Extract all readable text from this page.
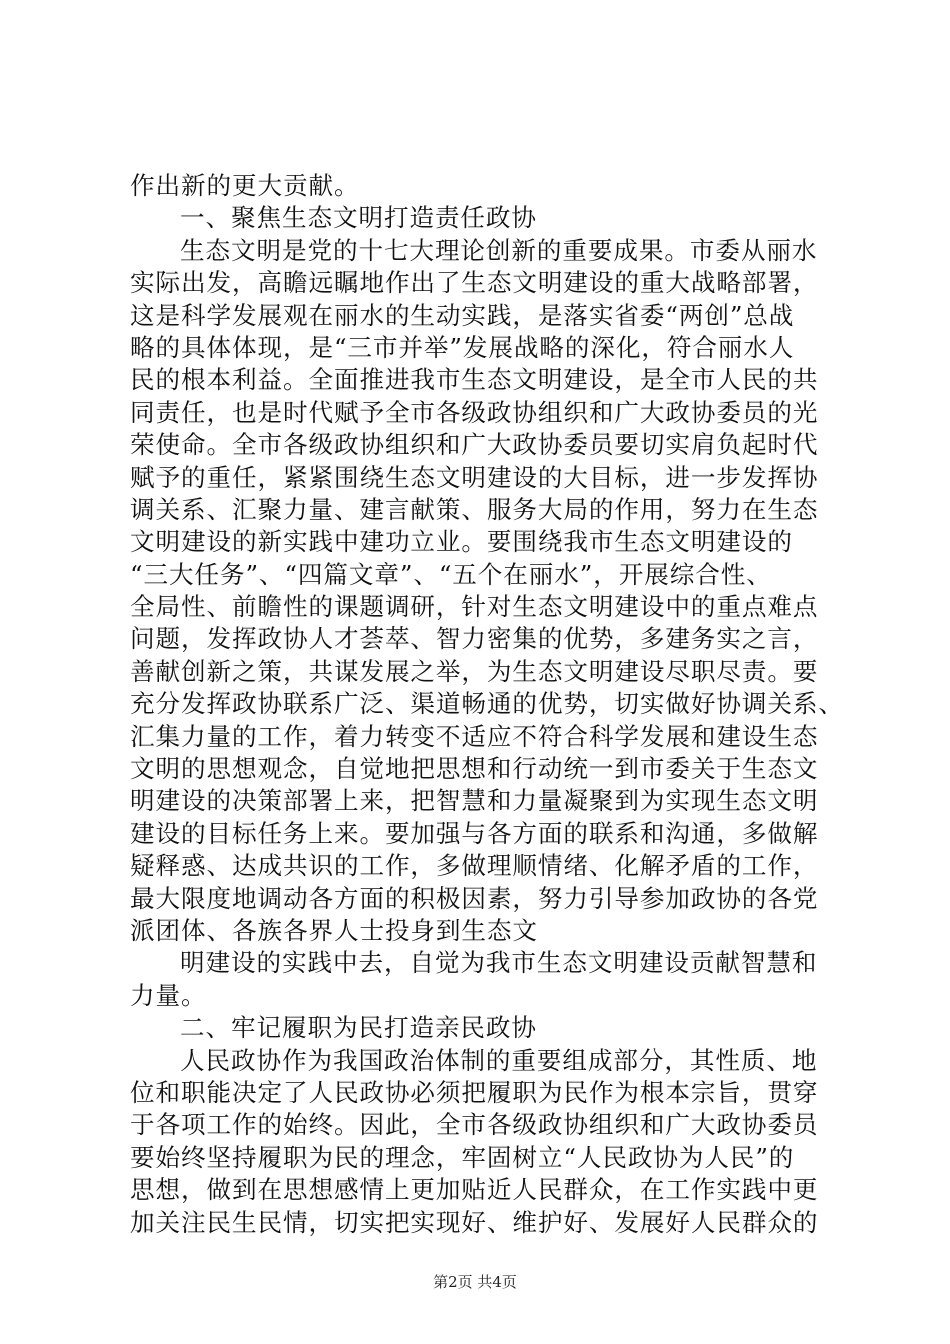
作出新的更大贡献。
一、聚焦生态文明打造责任政协
生态文明是党的十七大理论创新的重要成果。市委从丽水
实际出发，高瞻远瞩地作出了生态文明建设的重大战略部署，
这是科学发展观在丽水的生动实践，是落实省委“两创”总战
略的具体体现，是“三市并举”发展战略的深化，符合丽水人
民的根本利益。全面推进我市生态文明建设，是全市人民的共
同责任，也是时代赋予全市各级政协组织和广大政协委员的光
荣使命。全市各级政协组织和广大政协委员要切实肩负起时代
赋予的重任，紧紧围绕生态文明建设的大目标，进一步发挥协
调关系、汇聚力量、建言献策、服务大局的作用，努力在生态
文明建设的新实践中建功立业。要围绕我市生态文明建设的
“三大任务”、“四篇文章”、“五个在丽水”，开展综合性、
全局性、前瞻性的课题调研，针对生态文明建设中的重点难点
问题，发挥政协人才荟萃、智力密集的优势，多建务实之言，
善献创新之策，共谋发展之举，为生态文明建设尽职尽责。要
充分发挥政协联系广泛、渠道畅通的优势，切实做好协调关系、
汇集力量的工作，着力转变不适应不符合科学发展和建设生态
文明的思想观念，自觉地把思想和行动统一到市委关于生态文
明建设的决策部署上来，把智慧和力量凝聚到为实现生态文明
建设的目标任务上来。要加强与各方面的联系和沟通，多做解
疑释惑、达成共识的工作，多做理顺情绪、化解矛盾的工作，
最大限度地调动各方面的积极因素，努力引导参加政协的各党
派团体、各族各界人士投身到生态文
明建设的实践中去，自觉为我市生态文明建设贡献智慧和
力量。
二、牢记履职为民打造亲民政协
人民政协作为我国政治体制的重要组成部分，其性质、地
位和职能决定了人民政协必须把履职为民作为根本宗旨，贯穿
于各项工作的始终。因此，全市各级政协组织和广大政协委员
要始终坚持履职为民的理念，牢固树立“人民政协为人民”的
思想，做到在思想感情上更加贴近人民群众，在工作实践中更
加关注民生民情，切实把实现好、维护好、发展好人民群众的
第2页 共4页
